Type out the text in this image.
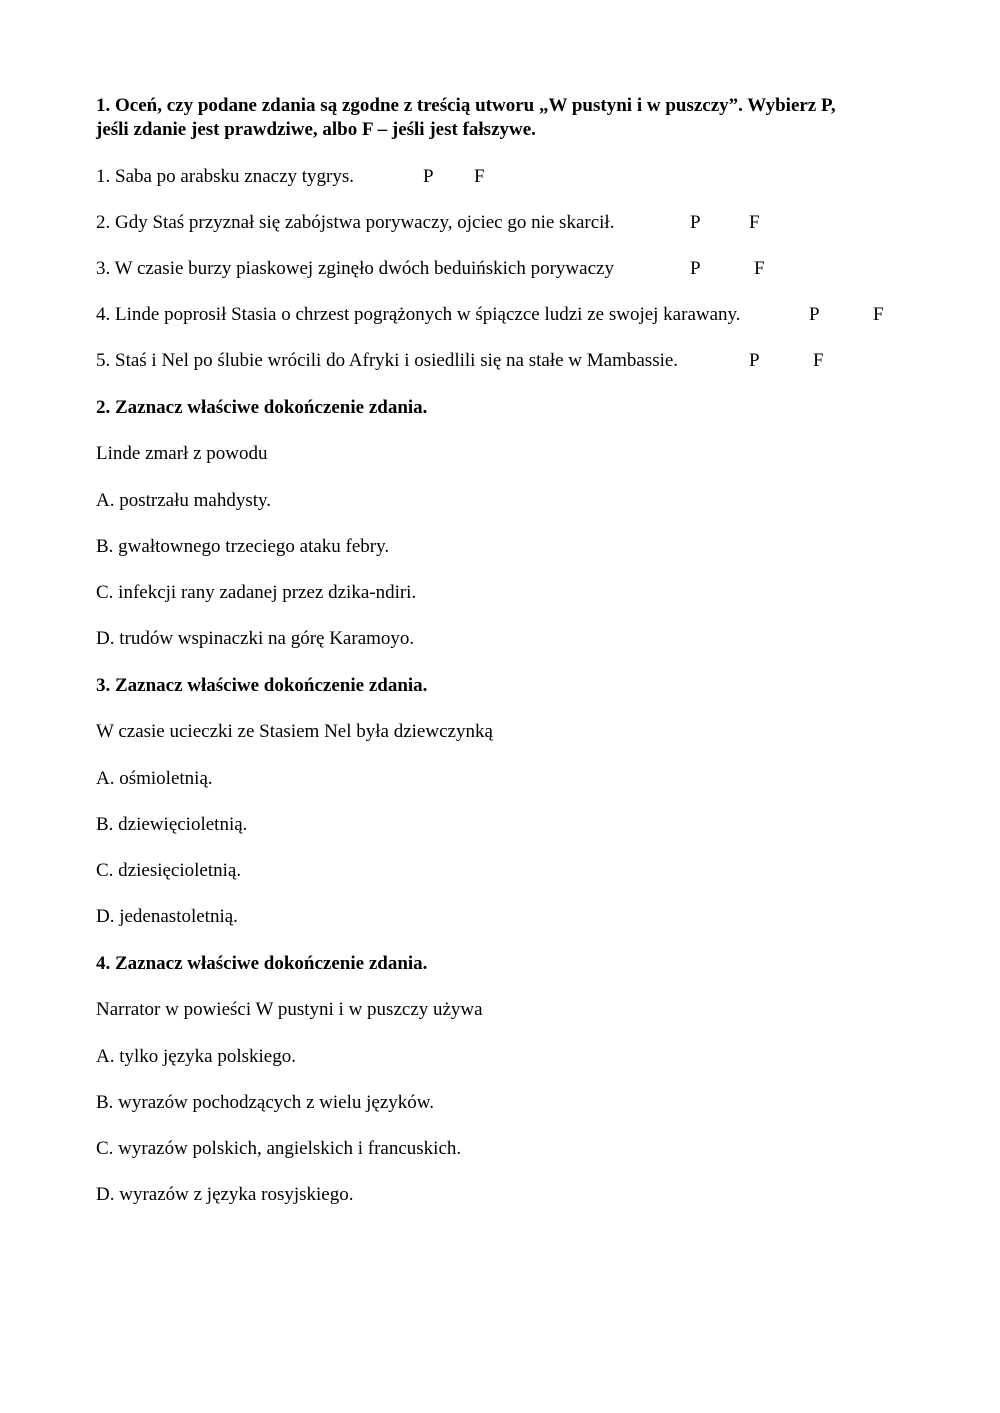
1. Oceń, czy podane zdania są zgodne z treścią utworu „W pustyni i w puszczy”. Wybierz P,
jeśli zdanie jest prawdziwe, albo F – jeśli jest fałszywe.
1. Saba po arabsku znaczy tygrys.	P F
2. Gdy Staś przyznał się zabójstwa porywaczy, ojciec go nie skarcił.	P	F
3. W czasie burzy piaskowej zginęło dwóch beduińskich porywaczy	P	F
4. Linde poprosił Stasia o chrzest pogrążonych w śpiączce ludzi ze swojej karawany.	P	F
5. Staś i Nel po ślubie wrócili do Afryki i osiedlili się na stałe w Mambassie.	P	F
2. Zaznacz właściwe dokończenie zdania.
Linde zmarł z powodu
A. postrzału mahdysty.
B. gwałtownego trzeciego ataku febry.
C. infekcji rany zadanej przez dzika-ndiri.
D. trudów wspinaczki na górę Karamoyo.
3. Zaznacz właściwe dokończenie zdania.
W czasie ucieczki ze Stasiem Nel była dziewczynką
A. ośmioletnią.
B. dziewięcioletnią.
C. dziesięcioletnią.
D. jedenastoletnią.
4. Zaznacz właściwe dokończenie zdania.
Narrator w powieści W pustyni i w puszczy używa
A. tylko języka polskiego.
B. wyrazów pochodzących z wielu języków.
C. wyrazów polskich, angielskich i francuskich.
D. wyrazów z języka rosyjskiego.
